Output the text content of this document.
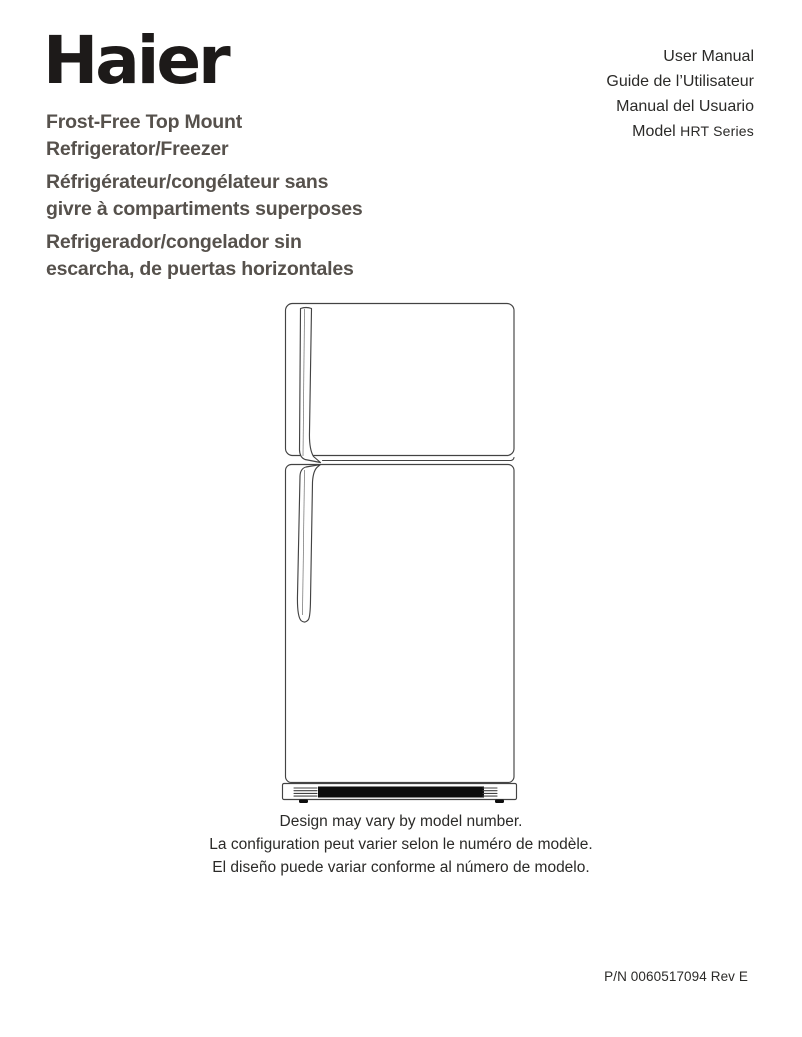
Haier	User Manual
Guide de l’Utilisateur
Manual del Usuario
Model HRT Series
Frost-Free Top Mount
Refrigerator/Freezer
Réfrigérateur/congélateur sans
givre à compartiments superposes
Refrigerador/congelador sin
escarcha, de puertas horizontales
Design may vary by model number.
La configuration peut varier selon le numéro de modèle.
El diseño puede variar conforme al número de modelo.
P/N 0060517094 Rev E
